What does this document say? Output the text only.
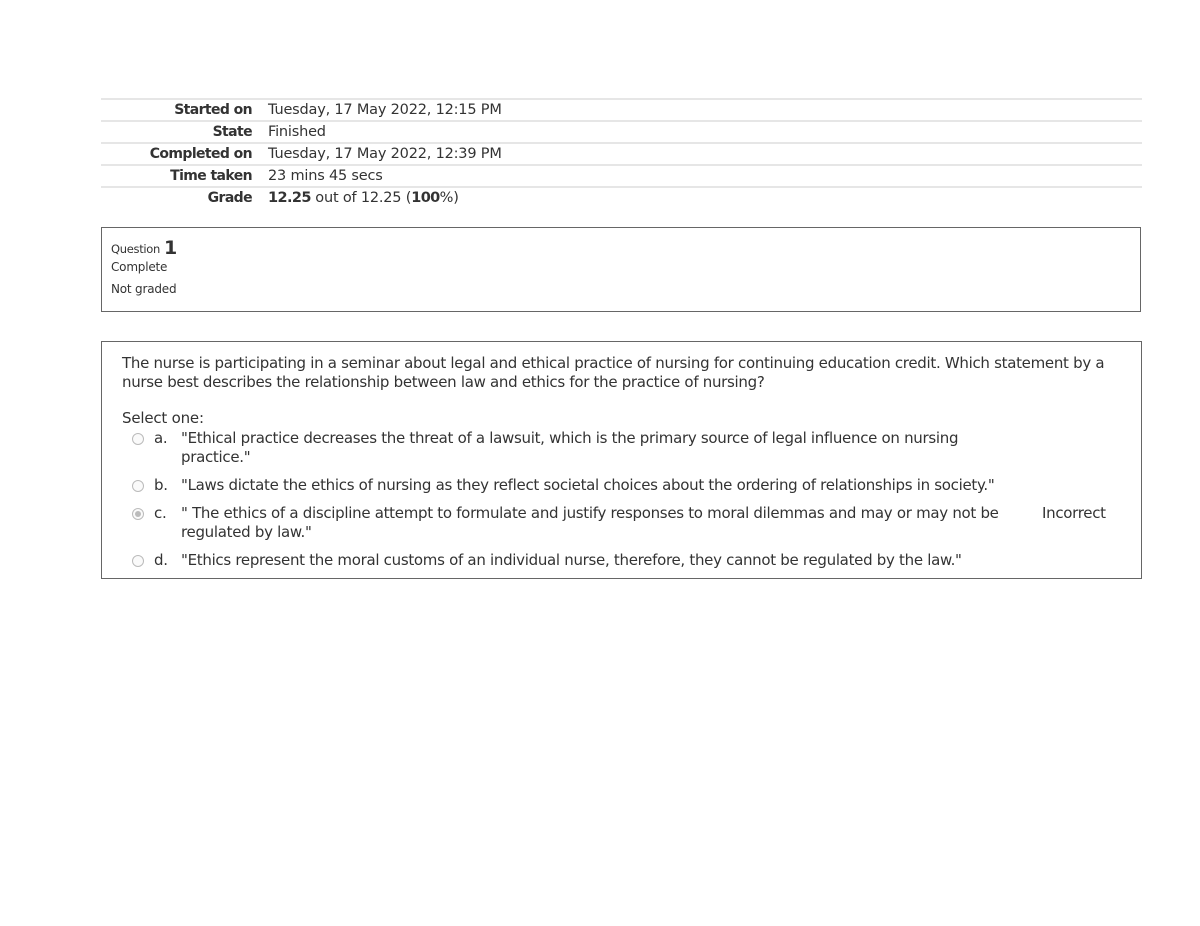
Started on Tuesday, 17 May 2022, 12:15 PM
State Finished
Completed on Tuesday, 17 May 2022, 12:39 PM
Time taken 23 mins 45 secs
Grade 12.25 out of 12.25 (100%)
Question 1
Complete
Not graded
The nurse is participating in a seminar about legal and ethical practice of nursing for continuing education credit. Which statement by a nurse best describes the relationship between law and ethics for the practice of nursing?
Select one:
a. "Ethical practice decreases the threat of a lawsuit, which is the primary source of legal influence on nursing practice."
b. "Laws dictate the ethics of nursing as they reflect societal choices about the ordering of relationships in society."
c. " The ethics of a discipline attempt to formulate and justify responses to moral dilemmas and may or may not be regulated by law."
Incorrect
d. "Ethics represent the moral customs of an individual nurse, therefore, they cannot be regulated by the law."
